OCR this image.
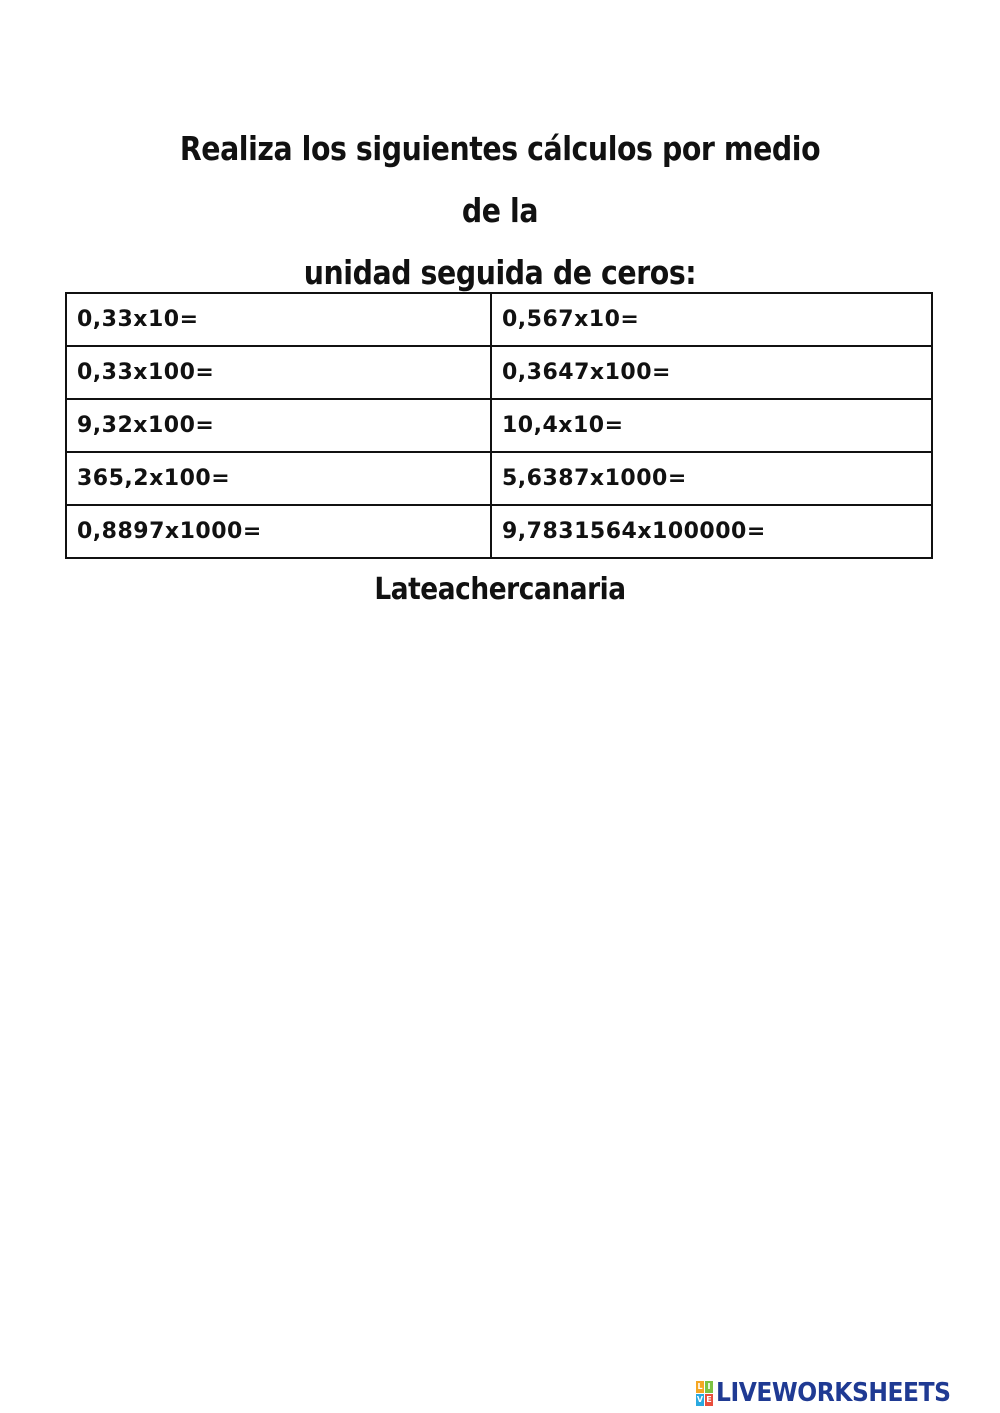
Realiza los siguientes cálculos por medio de la
unidad seguida de ceros:
0,33x10=	0,567x10=
0,33x100=	0,3647x100=
9,32x100=	10,4x10=
365,2x100=	5,6387x1000=
0,8897x1000=	9,7831564x100000=
Lateachercanaria
L I
V E LIVEWORKSHEETS
